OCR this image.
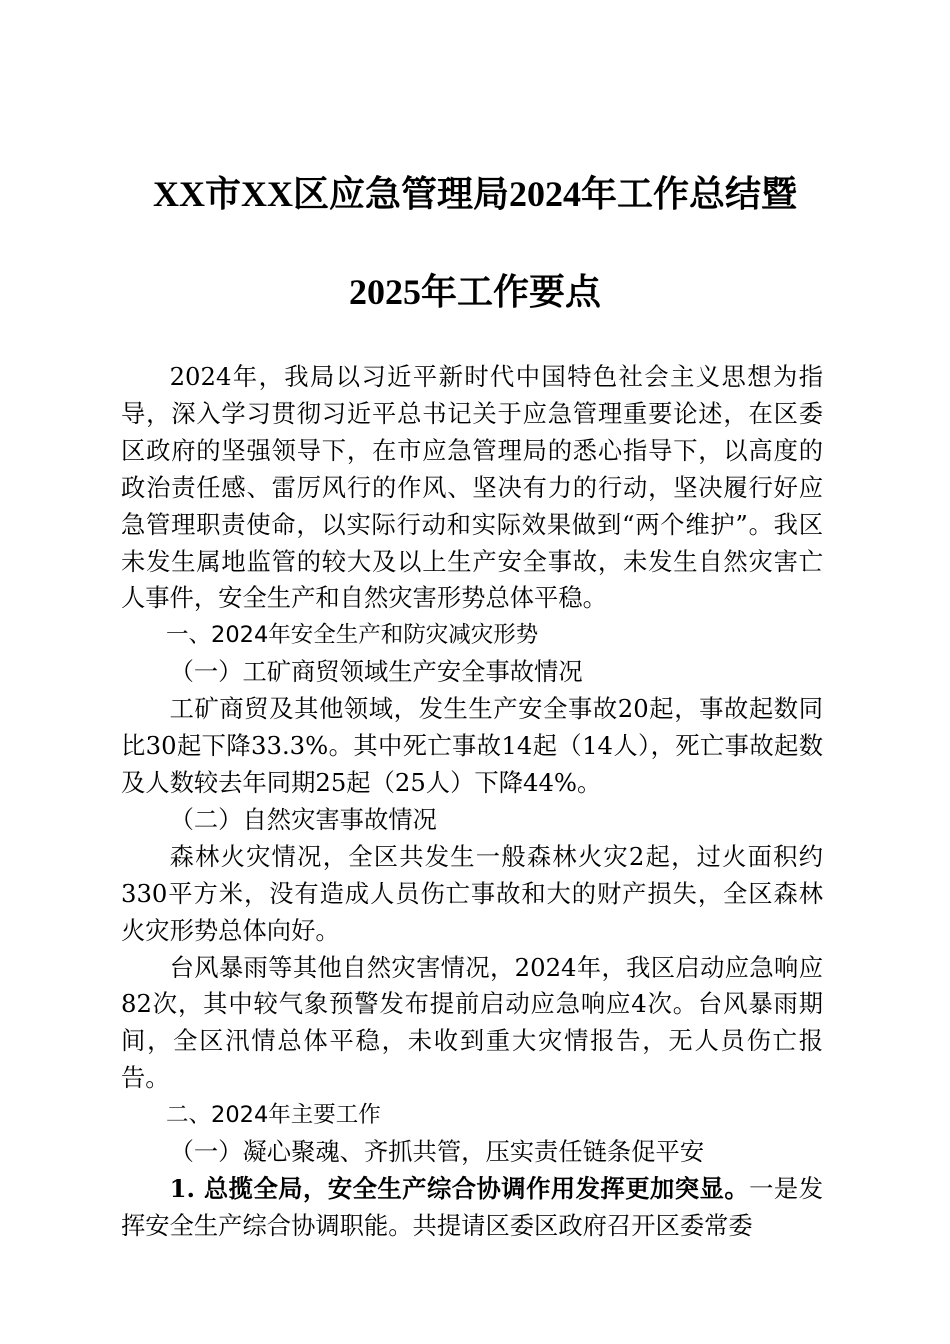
XX市XX区应急管理局2024年工作总结暨
2025年工作要点

2024年，我局以习近平新时代中国特色社会主义思想为指导，深入学习贯彻习近平总书记关于应急管理重要论述，在区委区政府的坚强领导下，在市应急管理局的悉心指导下，以高度的政治责任感、雷厉风行的作风、坚决有力的行动，坚决履行好应急管理职责使命，以实际行动和实际效果做到“两个维护”。我区未发生属地监管的较大及以上生产安全事故，未发生自然灾害亡人事件，安全生产和自然灾害形势总体平稳。

一、2024年安全生产和防灾减灾形势

（一）工矿商贸领域生产安全事故情况

工矿商贸及其他领域，发生生产安全事故20起，事故起数同比30起下降33.3%。其中死亡事故14起（14人），死亡事故起数及人数较去年同期25起（25人）下降44%。

（二）自然灾害事故情况

森林火灾情况，全区共发生一般森林火灾2起，过火面积约330平方米，没有造成人员伤亡事故和大的财产损失，全区森林火灾形势总体向好。

台风暴雨等其他自然灾害情况，2024年，我区启动应急响应82次，其中较气象预警发布提前启动应急响应4次。台风暴雨期间，全区汛情总体平稳，未收到重大灾情报告，无人员伤亡报告。

二、2024年主要工作

（一）凝心聚魂、齐抓共管，压实责任链条促平安

1. 总揽全局，安全生产综合协调作用发挥更加突显。一是发挥安全生产综合协调职能。共提请区委区政府召开区委常委
